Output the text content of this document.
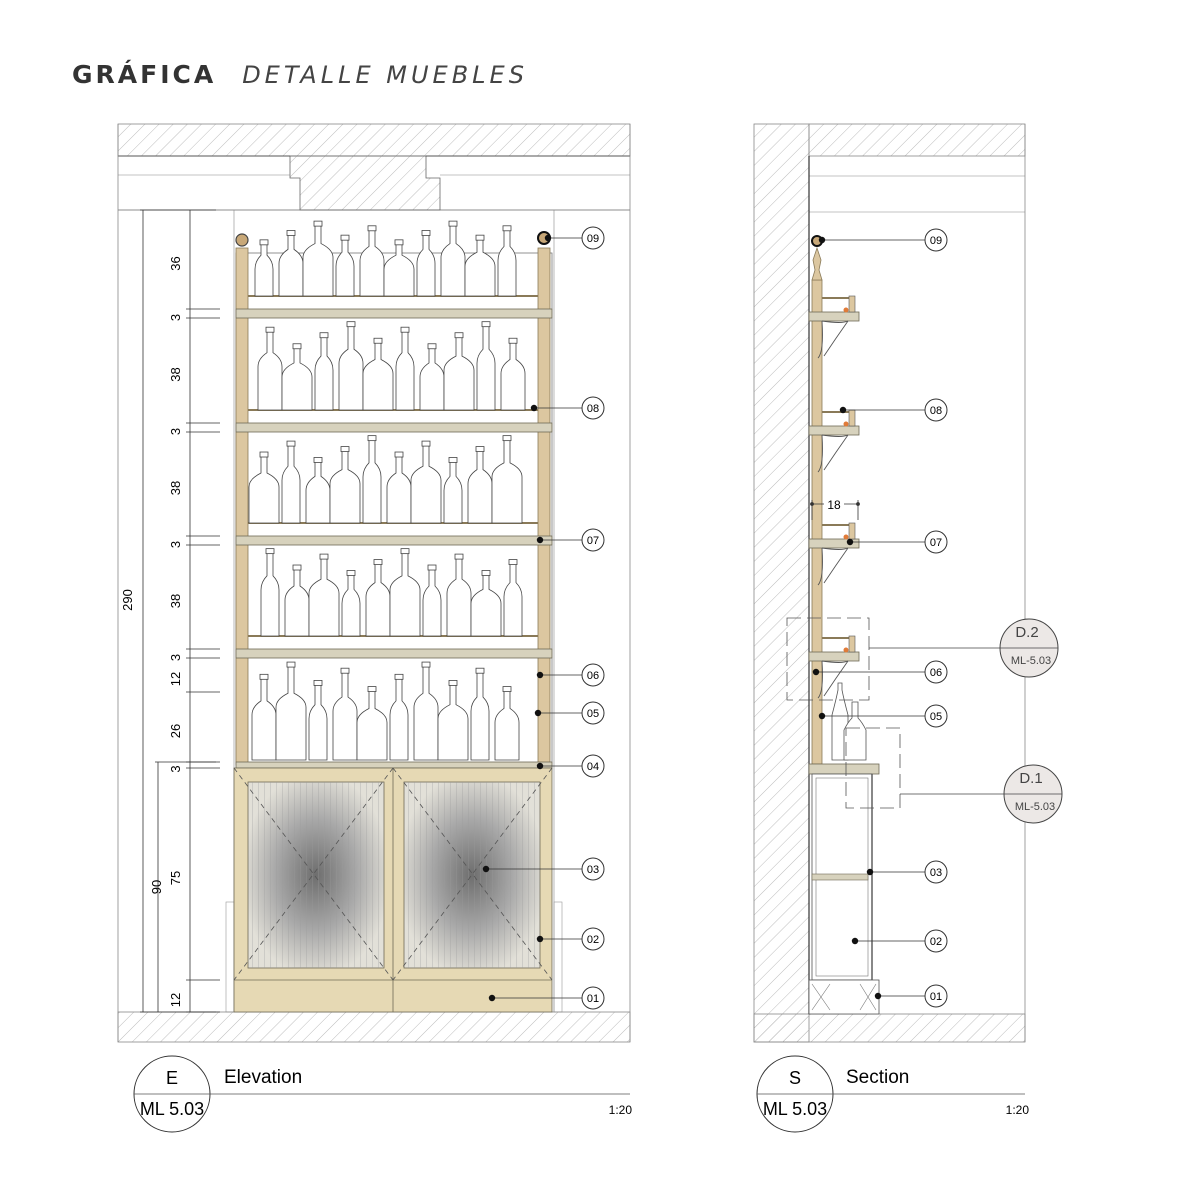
GRÁFICA DETALLE MUEBLES
290
90
36
3
38
3
38
3
38
3
12
26
3
75
12
09
08
07
06
05
04
03
02
01
E
ML 5.03
Elevation
1:20
18
D.2
ML-5.03
D.1
ML-5.03
09
08
07
06
05
03
02
01
S
ML 5.03
Section
1:20
